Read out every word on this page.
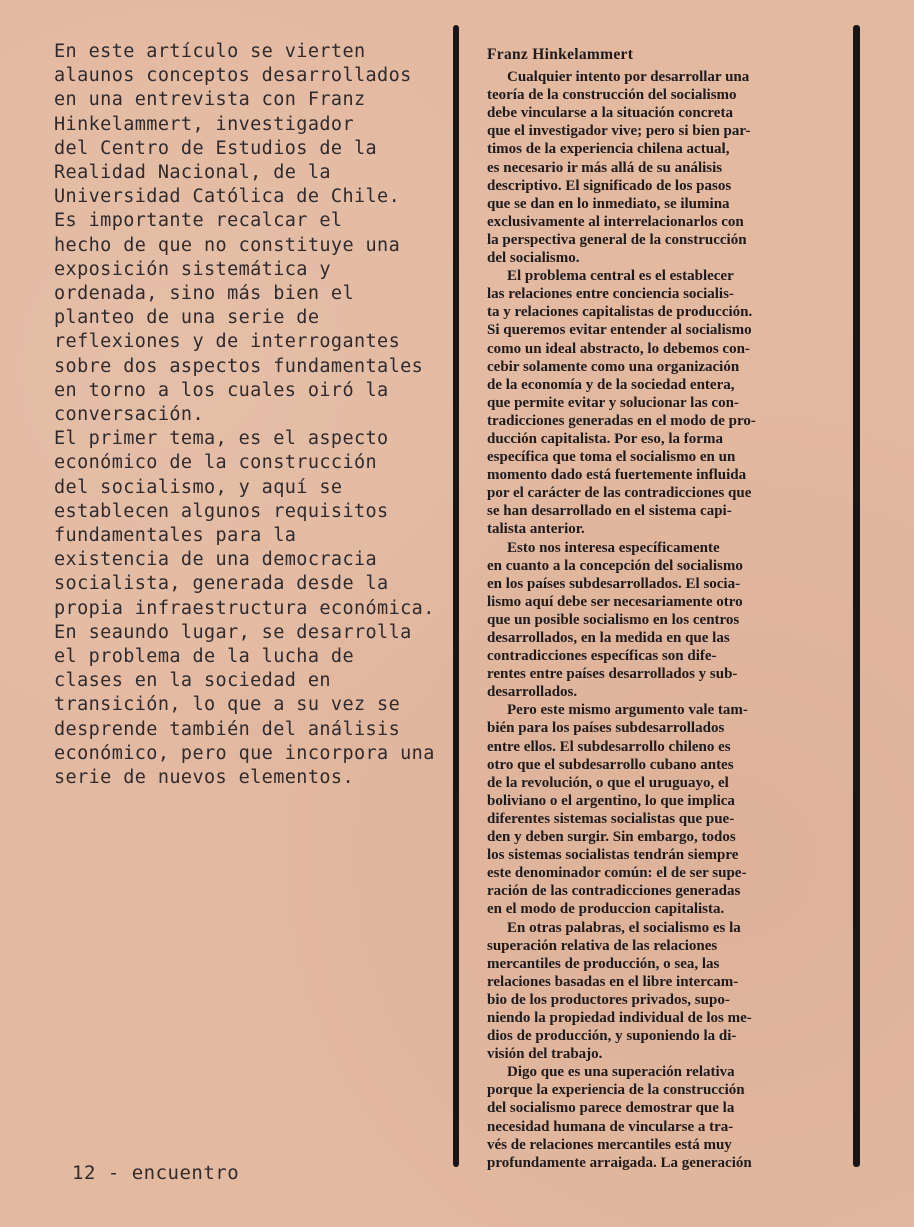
En este artículo se vierten
alaunos conceptos desarrollados
en una entrevista con Franz
Hinkelammert, investigador
del Centro de Estudios de la
Realidad Nacional, de la
Universidad Católica de Chile.
Es importante recalcar el
hecho de que no constituye una
exposición sistemática y
ordenada, sino más bien el
planteo de una serie de
reflexiones y de interrogantes
sobre dos aspectos fundamentales
en torno a los cuales oiró la
conversación.
El primer tema, es el aspecto
económico de la construcción
del socialismo, y aquí se
establecen algunos requisitos
fundamentales para la
existencia de una democracia
socialista, generada desde la
propia infraestructura económica.
En seaundo lugar, se desarrolla
el problema de la lucha de
clases en la sociedad en
transición, lo que a su vez se
desprende también del análisis
económico, pero que incorpora una
serie de nuevos elementos.
Franz Hinkelammert
Cualquier intento por desarrollar una
teoría de la construcción del socialismo
debe vincularse a la situación concreta
que el investigador vive; pero si bien par-
timos de la experiencia chilena actual,
es necesario ir más allá de su análisis
descriptivo. El significado de los pasos
que se dan en lo inmediato, se ilumina
exclusivamente al interrelacionarlos con
la perspectiva general de la construcción
del socialismo.
El problema central es el establecer
las relaciones entre conciencia socialis-
ta y relaciones capitalistas de producción.
Si queremos evitar entender al socialismo
como un ideal abstracto, lo debemos con-
cebir solamente como una organización
de la economía y de la sociedad entera,
que permite evitar y solucionar las con-
tradicciones generadas en el modo de pro-
ducción capitalista. Por eso, la forma
específica que toma el socialismo en un
momento dado está fuertemente influida
por el carácter de las contradicciones que
se han desarrollado en el sistema capi-
talista anterior.
Esto nos interesa específicamente
en cuanto a la concepción del socialismo
en los países subdesarrollados. El socia-
lismo aquí debe ser necesariamente otro
que un posible socialismo en los centros
desarrollados, en la medida en que las
contradicciones específicas son dife-
rentes entre países desarrollados y sub-
desarrollados.
Pero este mismo argumento vale tam-
bién para los países subdesarrollados
entre ellos. El subdesarrollo chileno es
otro que el subdesarrollo cubano antes
de la revolución, o que el uruguayo, el
boliviano o el argentino, lo que implica
diferentes sistemas socialistas que pue-
den y deben surgir. Sin embargo, todos
los sistemas socialistas tendrán siempre
este denominador común: el de ser supe-
ración de las contradicciones generadas
en el modo de produccion capitalista.
En otras palabras, el socialismo es la
superación relativa de las relaciones
mercantiles de producción, o sea, las
relaciones basadas en el libre intercam-
bio de los productores privados, supo-
niendo la propiedad individual de los me-
dios de producción, y suponiendo la di-
visión del trabajo.
Digo que es una superación relativa
porque la experiencia de la construcción
del socialismo parece demostrar que la
necesidad humana de vincularse a tra-
vés de relaciones mercantiles está muy
profundamente arraigada. La generación
12 - encuentro
